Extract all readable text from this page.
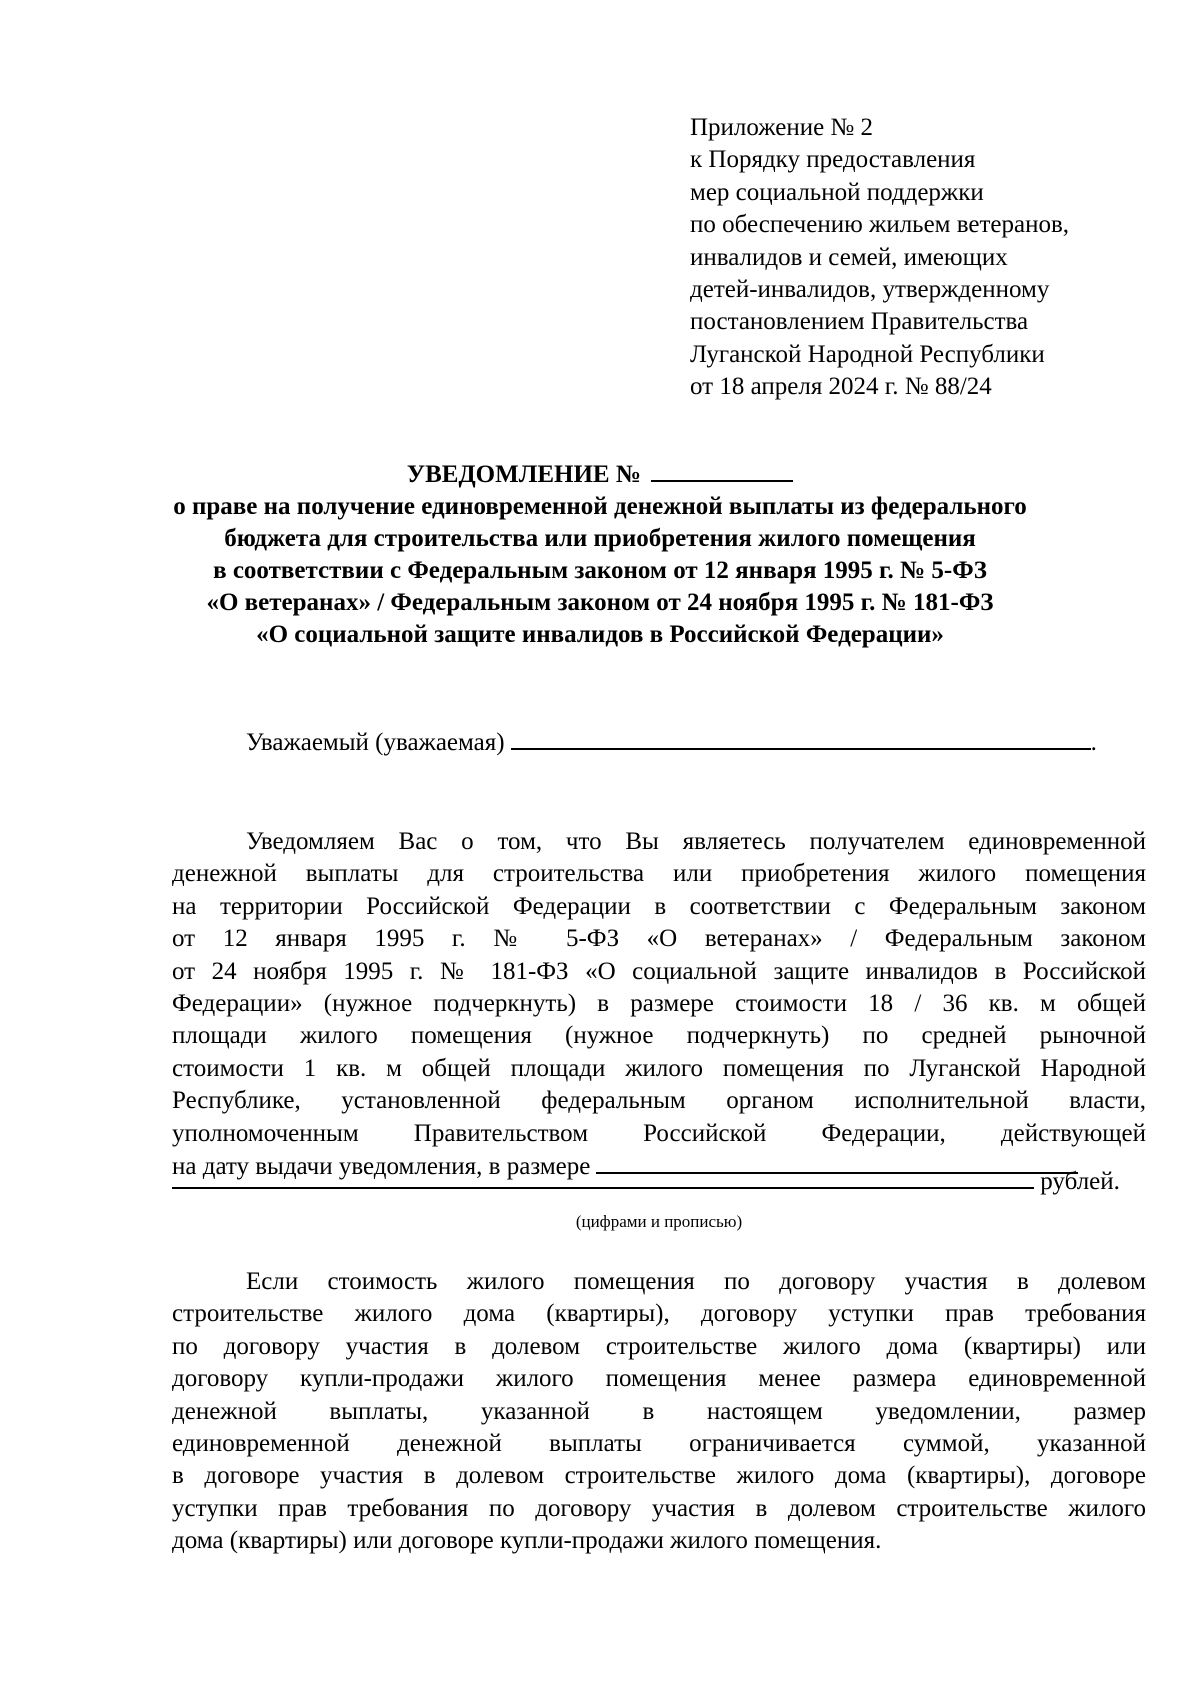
Приложение № 2
к Порядку предоставления
мер социальной поддержки
по обеспечению жильем ветеранов,
инвалидов и семей, имеющих
детей-инвалидов, утвержденному
постановлением Правительства
Луганской Народной Республики
от 18 апреля 2024 г. № 88/24
УВЕДОМЛЕНИЕ №
о праве на получение единовременной денежной выплаты из федерального
бюджета для строительства или приобретения жилого помещения
в соответствии с Федеральным законом от 12 января 1995 г. № 5-ФЗ
«О ветеранах» / Федеральным законом от 24 ноября 1995 г. № 181-ФЗ
«О социальной защите инвалидов в Российской Федерации»
Уважаемый (уважаемая)	.
Уведомляем Вас о том, что Вы являетесь получателем единовременной
денежной выплаты для строительства или приобретения жилого помещения
на территории Российской Федерации в соответствии с Федеральным законом
от 12 января 1995 г. № 5-ФЗ «О ветеранах» / Федеральным законом
от 24 ноября 1995 г. № 181-ФЗ «О социальной защите инвалидов в Российской
Федерации» (нужное подчеркнуть) в размере стоимости 18 / 36 кв. м общей
площади жилого помещения (нужное подчеркнуть) по средней рыночной
стоимости 1 кв. м общей площади жилого помещения по Луганской Народной
Республике, установленной федеральным органом исполнительной власти,
уполномоченным Правительством Российской Федерации, действующей
на дату выдачи уведомления, в размере
рублей.
(цифрами и прописью)
Если стоимость жилого помещения по договору участия в долевом
строительстве жилого дома (квартиры), договору уступки прав требования
по договору участия в долевом строительстве жилого дома (квартиры) или
договору купли-продажи жилого помещения менее размера единовременной
денежной выплаты, указанной в настоящем уведомлении, размер
единовременной денежной выплаты ограничивается суммой, указанной
в договоре участия в долевом строительстве жилого дома (квартиры), договоре
уступки прав требования по договору участия в долевом строительстве жилого
дома (квартиры) или договоре купли-продажи жилого помещения.
